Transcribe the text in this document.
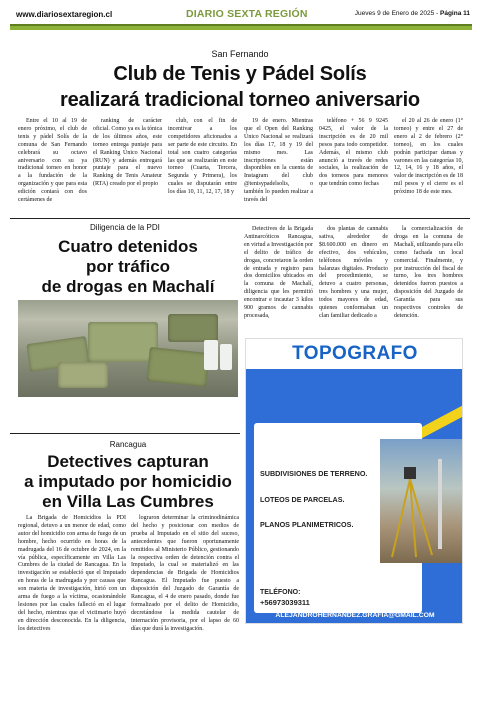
www.diariosextaregion.cl	DIARIO SEXTA REGIÓN	Jueves 9 de Enero de 2025 - Página 11
San Fernando
Club de Tenis y Pádel Solís
realizará tradicional torneo aniversario

Entre el 10 al 19 de enero próximo, el club de tenis y pádel Solís de la comuna de San Fernando celebrará su octavo aniversario con su ya tradicional torneo en honor a la fundación de la organización y que para esta edición contará con dos certámenes de

ranking de carácter oficial. Como ya es la tónica de los últimos años, este torneo entrega puntaje para el Ranking Único Nacional (RUN) y además entregará puntaje para el nuevo Ranking de Tenis Amateur (RTA) creado por el propio

club, con el fin de incentivar a los competidores aficionados a ser parte de este circuito. En total son cuatro categorías las que se realizarán en este torneo (Cuarta, Tercera, Segunda y Primera), los cuales se disputarán entre los días 10, 11, 12, 17, 18 y

19 de enero. Mientras que el Open del Ranking Único Nacional se realizará los días 17, 18 y 19 del mismo mes. Las inscripciones están disponibles en la cuenta de Instagram del club @tenisypadelsolis, o también lo pueden realizar a través del

teléfono + 56 9 9245 0425, el valor de la inscripción es de 20 mil pesos para todo competidor. Además, el mismo club anunció a través de redes sociales, la realización de dos torneos para menores que tendrán como fechas

el 20 al 26 de enero (1° torneo) y entre el 27 de enero al 2 de febrero (2° torneo), en los cuales podrán participar damas y varones en las categorías 10, 12, 14, 16 y 18 años, el valor de inscripción es de 18 mil pesos y el cierre es el próximo 18 de este mes.

Diligencia de la PDI
Cuatro detenidos
por tráfico
de drogas en Machalí

Detectives de la Brigada Antinarcóticos Rancagua, en virtud a Investigación por el delito de tráfico de drogas, concretaron la orden de entrada y registro para dos domicilios ubicados en la comuna de Machalí, diligencia que les permitió encontrar e incautar 3 kilos 900 gramos de cannabis procesada,

dos plantas de cannabis sativa, alrededor de $8.600.000 en dinero en efectivo, dos vehículos, teléfonos móviles y balanzas digitales. Producto del procedimiento, se detuvo a cuatro personas, tres hombres y una mujer, todos mayores de edad, quienes conformaban un clan familiar dedicado a

la comercialización de droga en la comuna de Machalí, utilizando para ello como fachada un local comercial. Finalmente, y por instrucción del fiscal de turno, los tres hombres detenidos fueron puestos a disposición del Juzgado de Garantía para sus respectivos controles de detención.

Rancagua
Detectives capturan
a imputado por homicidio
en Villa Las Cumbres

La Brigada de Homicidios la PDI regional, detuvo a un menor de edad, como autor del homicidio con arma de fuego de un hombre, hecho ocurrido en horas de la madrugada del 16 de octubre de 2024, en la vía pública, específicamente en Villa Las Cumbres de la ciudad de Rancagua. En la investigación se estableció que el Imputado en horas de la madrugada y por causas que son materia de investigación, hirió con un arma de fuego a la víctima, ocasionándole lesiones por las cuales falleció en el lugar del hecho, mientras que el victimario huyó en dirección desconocida. En la diligencia, los detectives

lograron determinar la criminodinámica del hecho y posicionar con medios de prueba al Imputado en el sitio del suceso, antecedentes que fueron oportunamente remitidos al Ministerio Público, gestionando la respectiva orden de detención contra el Imputado, la cual se materializó en las dependencias de Brigada de Homicidios Rancagua. El Imputado fue puesto a disposición del Juzgado de Garantía de Rancagua, el 4 de enero pasado, donde fue formalizado por el delito de Homicidio, decretándose la medida cautelar de internación provisoria, por el lapso de 60 días que durá la investigación.

TOPOGRAFO
SUBDIVISIONES DE TERRENO.
LOTEOS DE PARCELAS.
PLANOS PLANIMETRICOS.
TELÉFONO:
+56973039311
ALEJANDROHERNANDEZ.GRAFIA@GMAIL.COM
